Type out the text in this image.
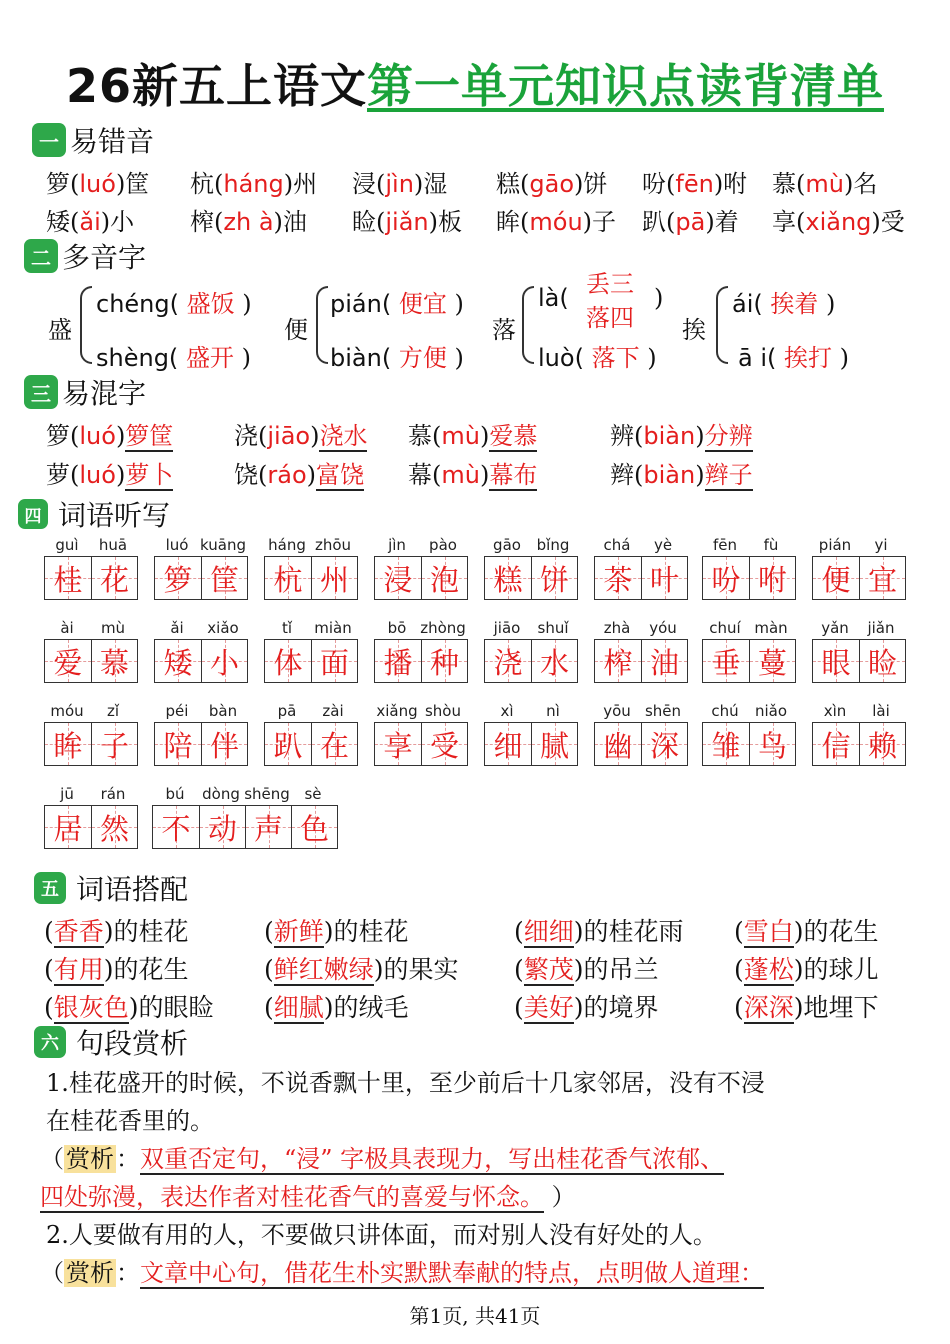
26新五上语文第一单元知识点读背清单
一 易错音
箩(luó)筐 杭(háng)州 浸(jìn)湿 糕(gāo)饼 吩(fēn)咐 慕(mù)名
矮(ǎi)小 榨(zh à)油 睑(jiǎn)板 眸(móu)子 趴(pā)着 享(xiǎng)受
二 多音字
盛
chéng( 盛饭 )
shèng( 盛开 )
便
pián( 便宜 )
biàn( 方便 )
落
là( 丢三
落四
)
luò( 落下 )
挨
ái( 挨着 )
ā i( 挨打 )
三 易混字
箩(luó)箩筐	浇(jiāo)浇水 慕(mù)爱慕	辨(biàn)分辨
萝(luó)萝卜	饶(ráo)富饶 幕(mù)幕布	辫(biàn)辫子
四 词语听写
guì	huā
桂 花
luó kuāng
箩 筐
háng zhōu
杭 州
jìn	pào
浸 泡
gāo	bǐng
糕 饼
chá	yè
茶 叶
fēn	fù
吩 咐
pián	yi
便 宜
ài	mù
爱 慕
ǎi	xiǎo
矮 小
tǐ	miàn
体 面
bō zhòng
播 种
jiāo	shuǐ
浇 水
zhà	yóu
榨 油
chuí màn
垂 蔓
yǎn	jiǎn
眼 睑
móu	zǐ
眸 子
péi	bàn
陪 伴
pā	zài
趴 在
xiǎng shòu
享 受
xì	nì
细 腻
yōu shēn
幽 深
chú	niǎo
雏 鸟
xìn	lài
信 赖
jū	rán
居 然
bú	dòng shēng sè
不 动 声 色
五 词语搭配
(香香)的桂花	(新鲜)的桂花	(细细)的桂花雨 (雪白)的花生
(有用)的花生	(鲜红嫩绿)的果实 (繁茂)的吊兰	(蓬松)的球儿
(银灰色)的眼睑 (细腻)的绒毛	(美好)的境界	(深深)地埋下
六 句段赏析
1.桂花盛开的时候，不说香飘十里，至少前后十几家邻居，没有不浸
在桂花香里的。
（赏析：双重否定句，“浸” 字极具表现力，写出桂花香气浓郁、
四处弥漫，表达作者对桂花香气的喜爱与怀念。 ）
2.人要做有用的人，不要做只讲体面，而对别人没有好处的人。
（赏析：文章中心句，借花生朴实默默奉献的特点，点明做人道理：
第1页, 共41页
